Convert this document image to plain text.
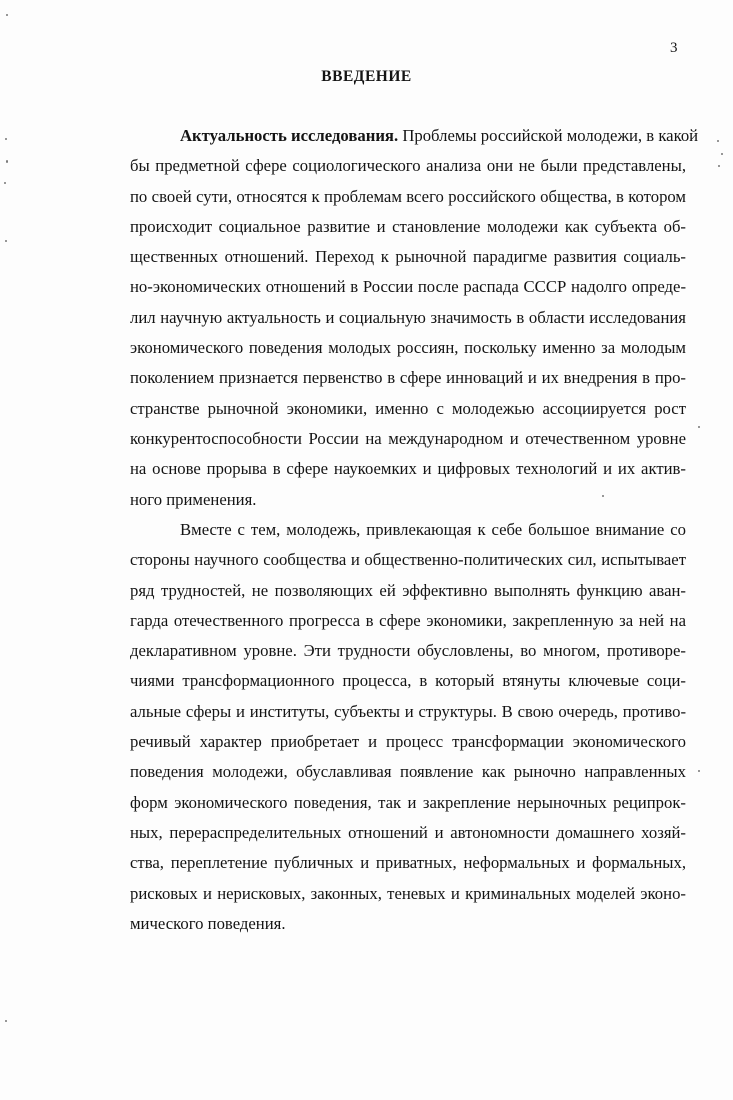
3
ВВЕДЕНИЕ
Актуальность исследования. Проблемы российской молодежи, в какой
бы предметной сфере социологического анализа они не были представлены,
по своей сути, относятся к проблемам всего российского общества, в котором
происходит социальное развитие и становление молодежи как субъекта об-
щественных отношений. Переход к рыночной парадигме развития социаль-
но-экономических отношений в России после распада СССР надолго опреде-
лил научную актуальность и социальную значимость в области исследования
экономического поведения молодых россиян, поскольку именно за молодым
поколением признается первенство в сфере инноваций и их внедрения в про-
странстве рыночной экономики, именно с молодежью ассоциируется рост
конкурентоспособности России на международном и отечественном уровне
на основе прорыва в сфере наукоемких и цифровых технологий и их актив-
ного применения.
Вместе с тем, молодежь, привлекающая к себе большое внимание со
стороны научного сообщества и общественно-политических сил, испытывает
ряд трудностей, не позволяющих ей эффективно выполнять функцию аван-
гарда отечественного прогресса в сфере экономики, закрепленную за ней на
декларативном уровне. Эти трудности обусловлены, во многом, противоре-
чиями трансформационного процесса, в который втянуты ключевые соци-
альные сферы и институты, субъекты и структуры. В свою очередь, противо-
речивый характер приобретает и процесс трансформации экономического
поведения молодежи, обуславливая появление как рыночно направленных
форм экономического поведения, так и закрепление нерыночных реципрок-
ных, перераспределительных отношений и автономности домашнего хозяй-
ства, переплетение публичных и приватных, неформальных и формальных,
рисковых и нерисковых, законных, теневых и криминальных моделей эконо-
мического поведения.
